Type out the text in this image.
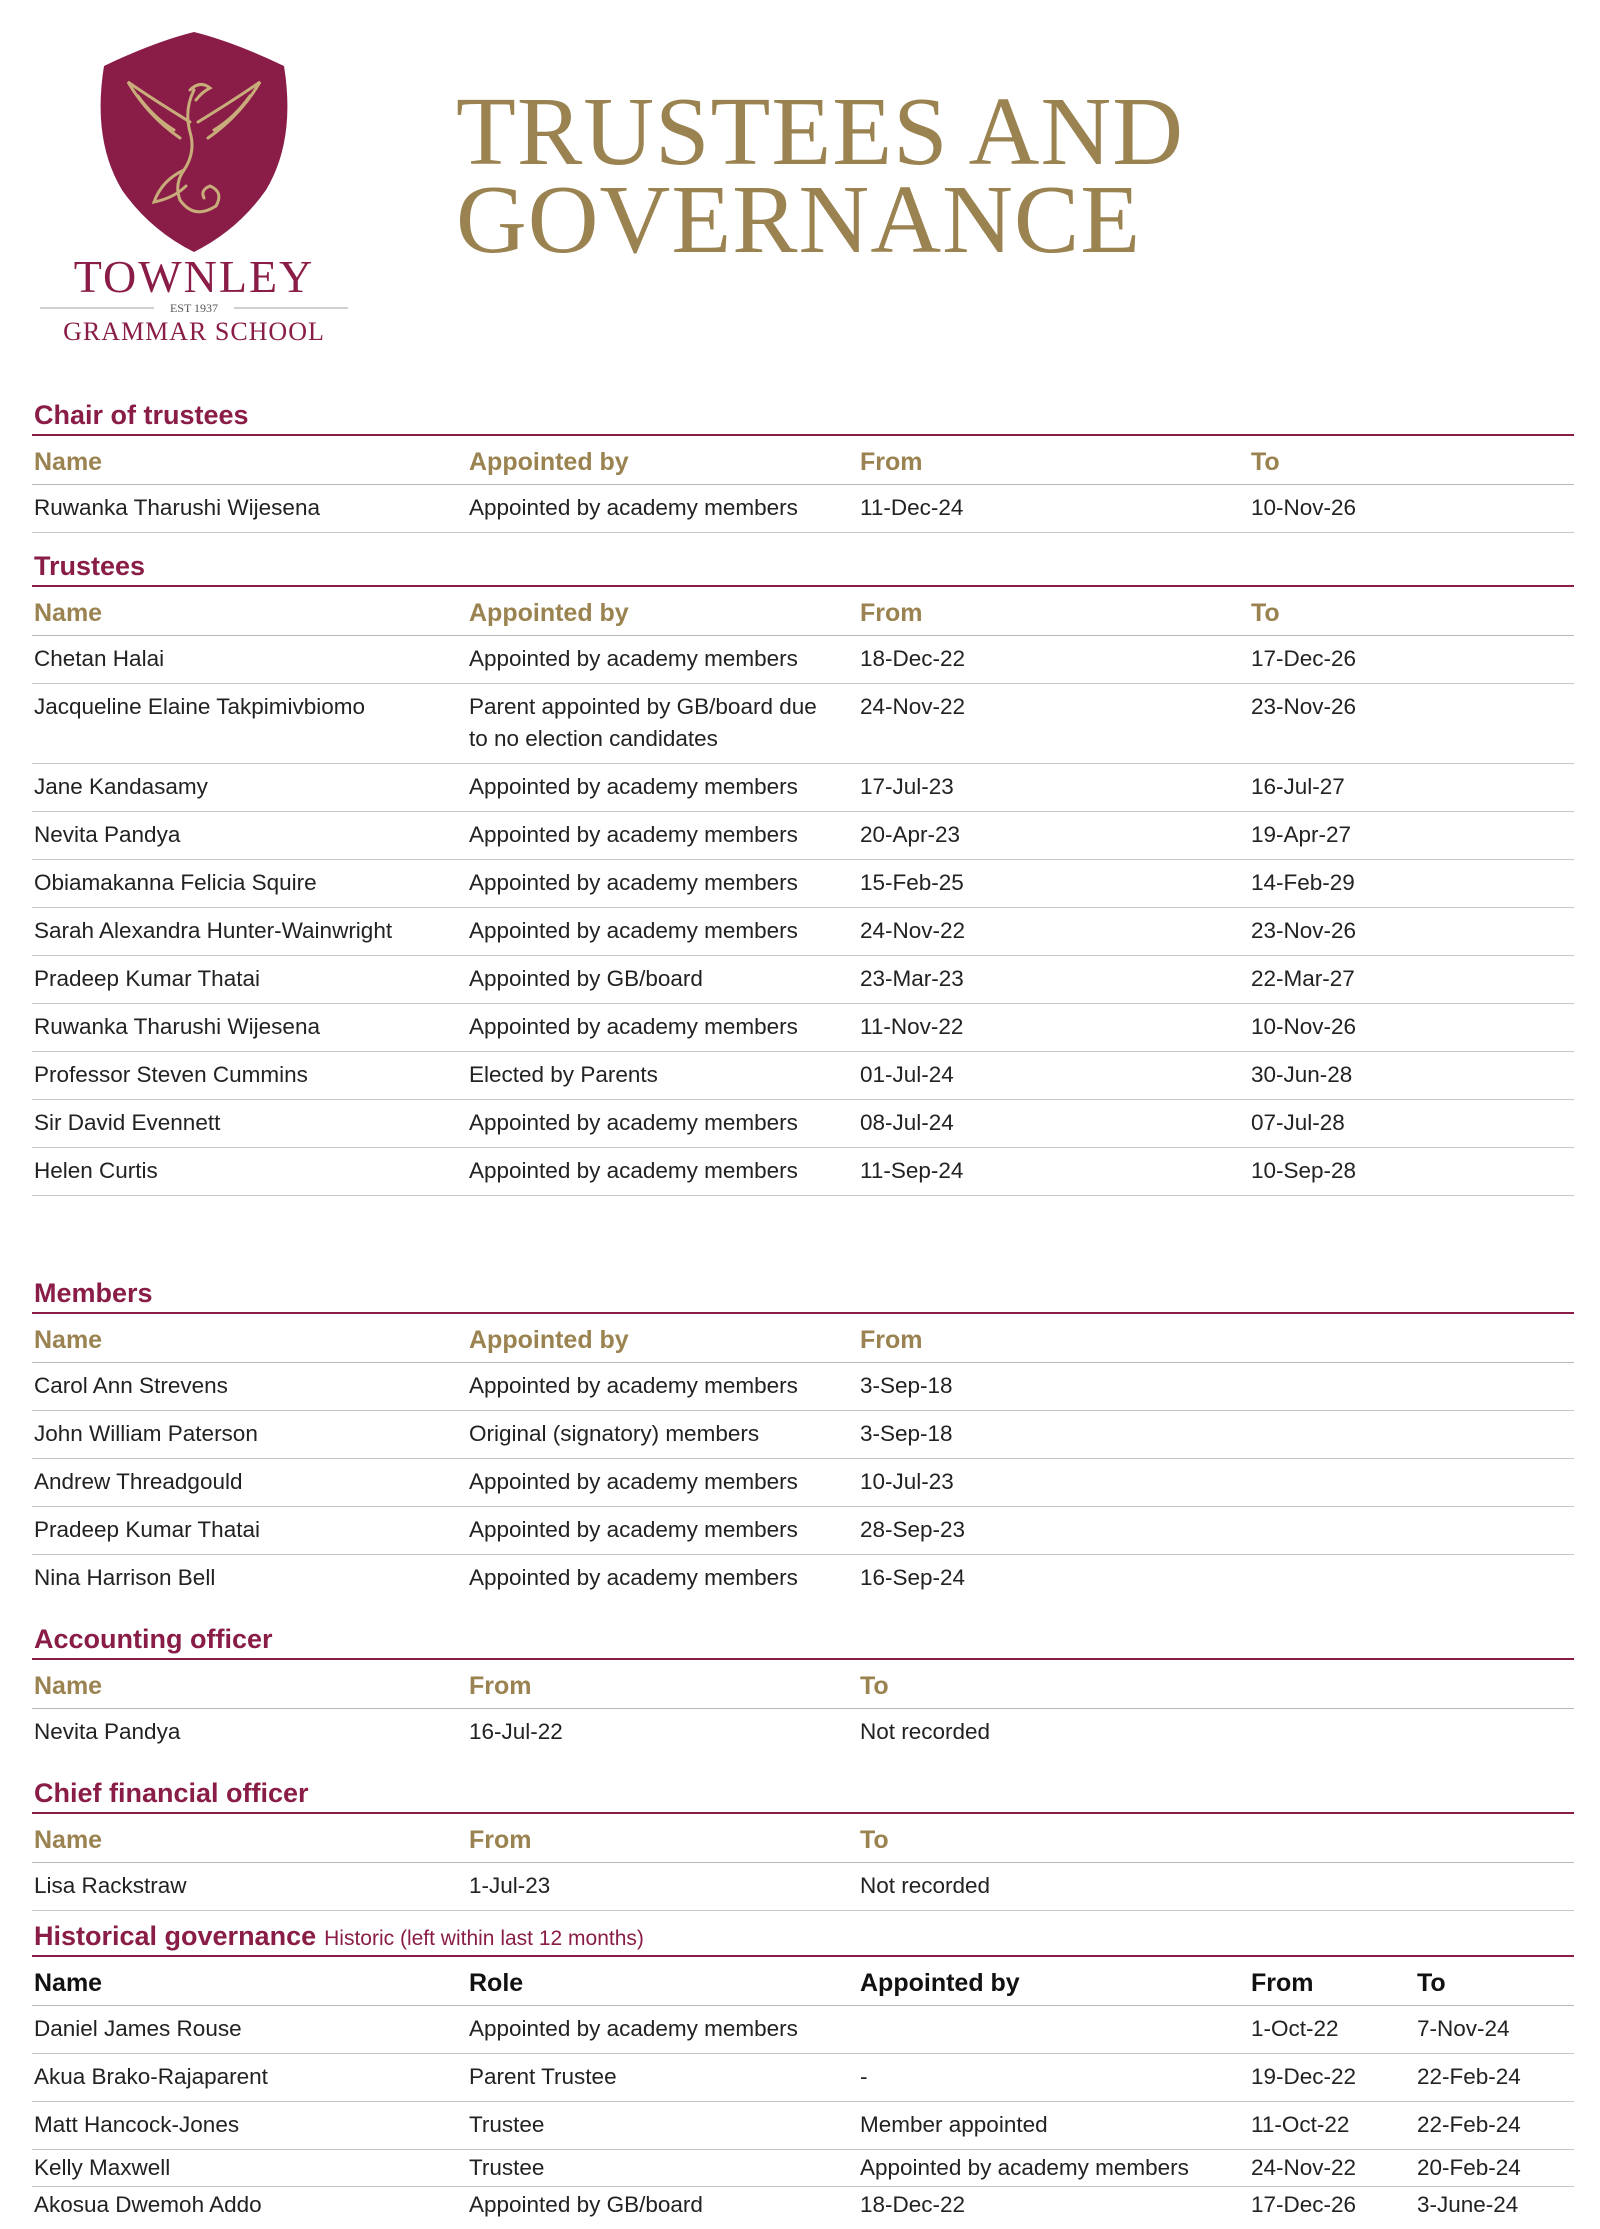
TOWNLEY
EST 1937
GRAMMAR SCHOOL
TRUSTEES AND
GOVERNANCE
Chair of trustees
Name	Appointed by	From	To
Ruwanka Tharushi Wijesena	Appointed by academy members	11-Dec-24	10-Nov-26
Trustees
Name	Appointed by	From	To
Chetan Halai	Appointed by academy members	18-Dec-22	17-Dec-26
Jacqueline Elaine Takpimivbiomo	Parent appointed by GB/board due to no election candidates	24-Nov-22	23-Nov-26
Jane Kandasamy	Appointed by academy members	17-Jul-23	16-Jul-27
Nevita Pandya	Appointed by academy members	20-Apr-23	19-Apr-27
Obiamakanna Felicia Squire	Appointed by academy members	15-Feb-25	14-Feb-29
Sarah Alexandra Hunter-Wainwright	Appointed by academy members	24-Nov-22	23-Nov-26
Pradeep Kumar Thatai	Appointed by GB/board	23-Mar-23	22-Mar-27
Ruwanka Tharushi Wijesena	Appointed by academy members	11-Nov-22	10-Nov-26
Professor Steven Cummins	Elected by Parents	01-Jul-24	30-Jun-28
Sir David Evennett	Appointed by academy members	08-Jul-24	07-Jul-28
Helen Curtis	Appointed by academy members	11-Sep-24	10-Sep-28
Members
Name	Appointed by	From	
Carol Ann Strevens	Appointed by academy members	3-Sep-18	
John William Paterson	Original (signatory) members	3-Sep-18	
Andrew Threadgould	Appointed by academy members	10-Jul-23	
Pradeep Kumar Thatai	Appointed by academy members	28-Sep-23	
Nina Harrison Bell	Appointed by academy members	16-Sep-24	
Accounting officer
Name	From	To	
Nevita Pandya	16-Jul-22	Not recorded	
Chief financial officer
Name	From	To	
Lisa Rackstraw	1-Jul-23	Not recorded	
Historical governance Historic (left within last 12 months)
Name	Role	Appointed by	From	To
Daniel James Rouse	Appointed by academy members		1-Oct-22	7-Nov-24
Akua Brako-Rajaparent	Parent Trustee	-	19-Dec-22	22-Feb-24
Matt Hancock-Jones	Trustee	Member appointed	11-Oct-22	22-Feb-24
Kelly Maxwell	Trustee	Appointed by academy members	24-Nov-22	20-Feb-24
Akosua Dwemoh Addo	Appointed by GB/board	18-Dec-22	17-Dec-26	3-June-24
